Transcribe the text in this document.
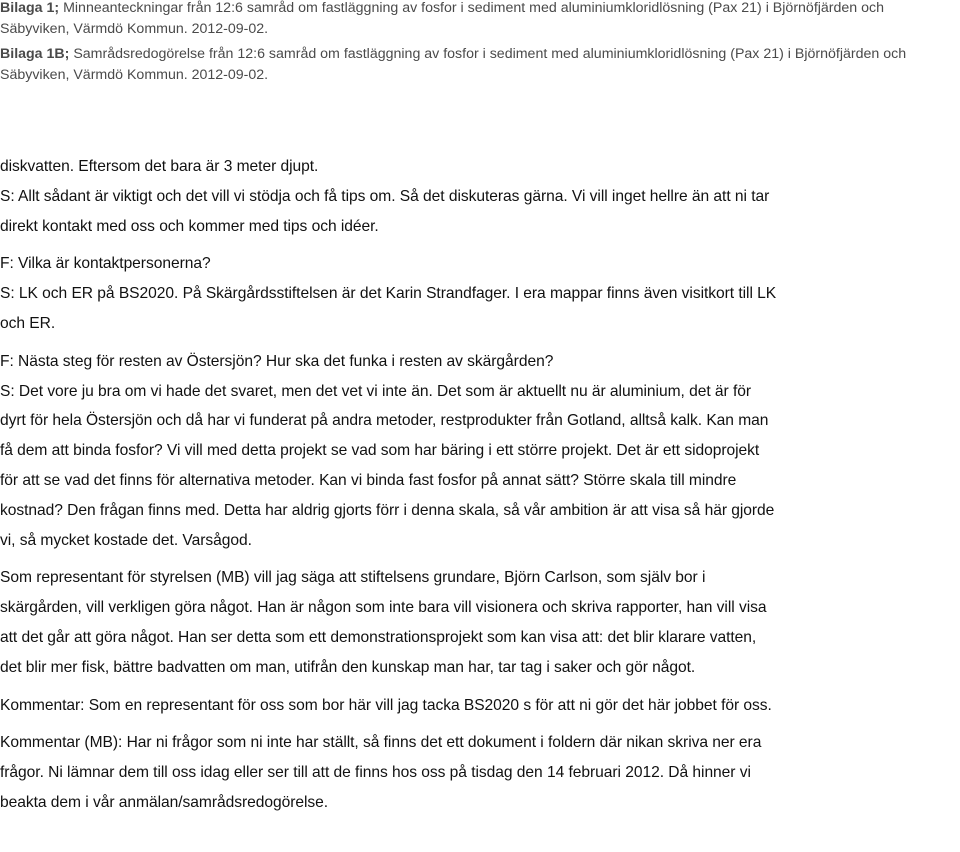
Bilaga 1; Minneanteckningar från 12:6 samråd om fastläggning av fosfor i sediment med aluminiumkloridlösning (Pax 21) i Björnöfjärden och Säbyviken, Värmdö Kommun. 2012-09-02.

Bilaga 1B; Samrådsredogörelse från 12:6 samråd om fastläggning av fosfor i sediment med aluminiumkloridlösning (Pax 21) i Björnöfjärden och Säbyviken, Värmdö Kommun. 2012-09-02.

diskvatten. Eftersom det bara är 3 meter djupt.
S: Allt sådant är viktigt och det vill vi stödja och få tips om. Så det diskuteras gärna. Vi vill inget hellre än att ni tar
direkt kontakt med oss och kommer med tips och idéer.
F: Vilka är kontaktpersonerna?
S: LK och ER på BS2020. På Skärgårdsstiftelsen är det Karin Strandfager. I era mappar finns även visitkort till LK
och ER.
F: Nästa steg för resten av Östersjön? Hur ska det funka i resten av skärgården?
S: Det vore ju bra om vi hade det svaret, men det vet vi inte än. Det som är aktuellt nu är aluminium, det är för
dyrt för hela Östersjön och då har vi funderat på andra metoder, restprodukter från Gotland, alltså kalk. Kan man
få dem att binda fosfor? Vi vill med detta projekt se vad som har bäring i ett större projekt. Det är ett sidoprojekt
för att se vad det finns för alternativa metoder. Kan vi binda fast fosfor på annat sätt? Större skala till mindre
kostnad? Den frågan finns med. Detta har aldrig gjorts förr i denna skala, så vår ambition är att visa så här gjorde
vi, så mycket kostade det. Varsågod.
Som representant för styrelsen (MB) vill jag säga att stiftelsens grundare, Björn Carlson, som själv bor i
skärgården, vill verkligen göra något. Han är någon som inte bara vill visionera och skriva rapporter, han vill visa
att det går att göra något. Han ser detta som ett demonstrationsprojekt som kan visa att: det blir klarare vatten,
det blir mer fisk, bättre badvatten om man, utifrån den kunskap man har, tar tag i saker och gör något.
Kommentar: Som en representant för oss som bor här vill jag tacka BS2020 s för att ni gör det här jobbet för oss.
Kommentar (MB): Har ni frågor som ni inte har ställt, så finns det ett dokument i foldern där nikan skriva ner era
frågor. Ni lämnar dem till oss idag eller ser till att de finns hos oss på tisdag den 14 februari 2012. Då hinner vi
beakta dem i vår anmälan/samrådsredogörelse.
